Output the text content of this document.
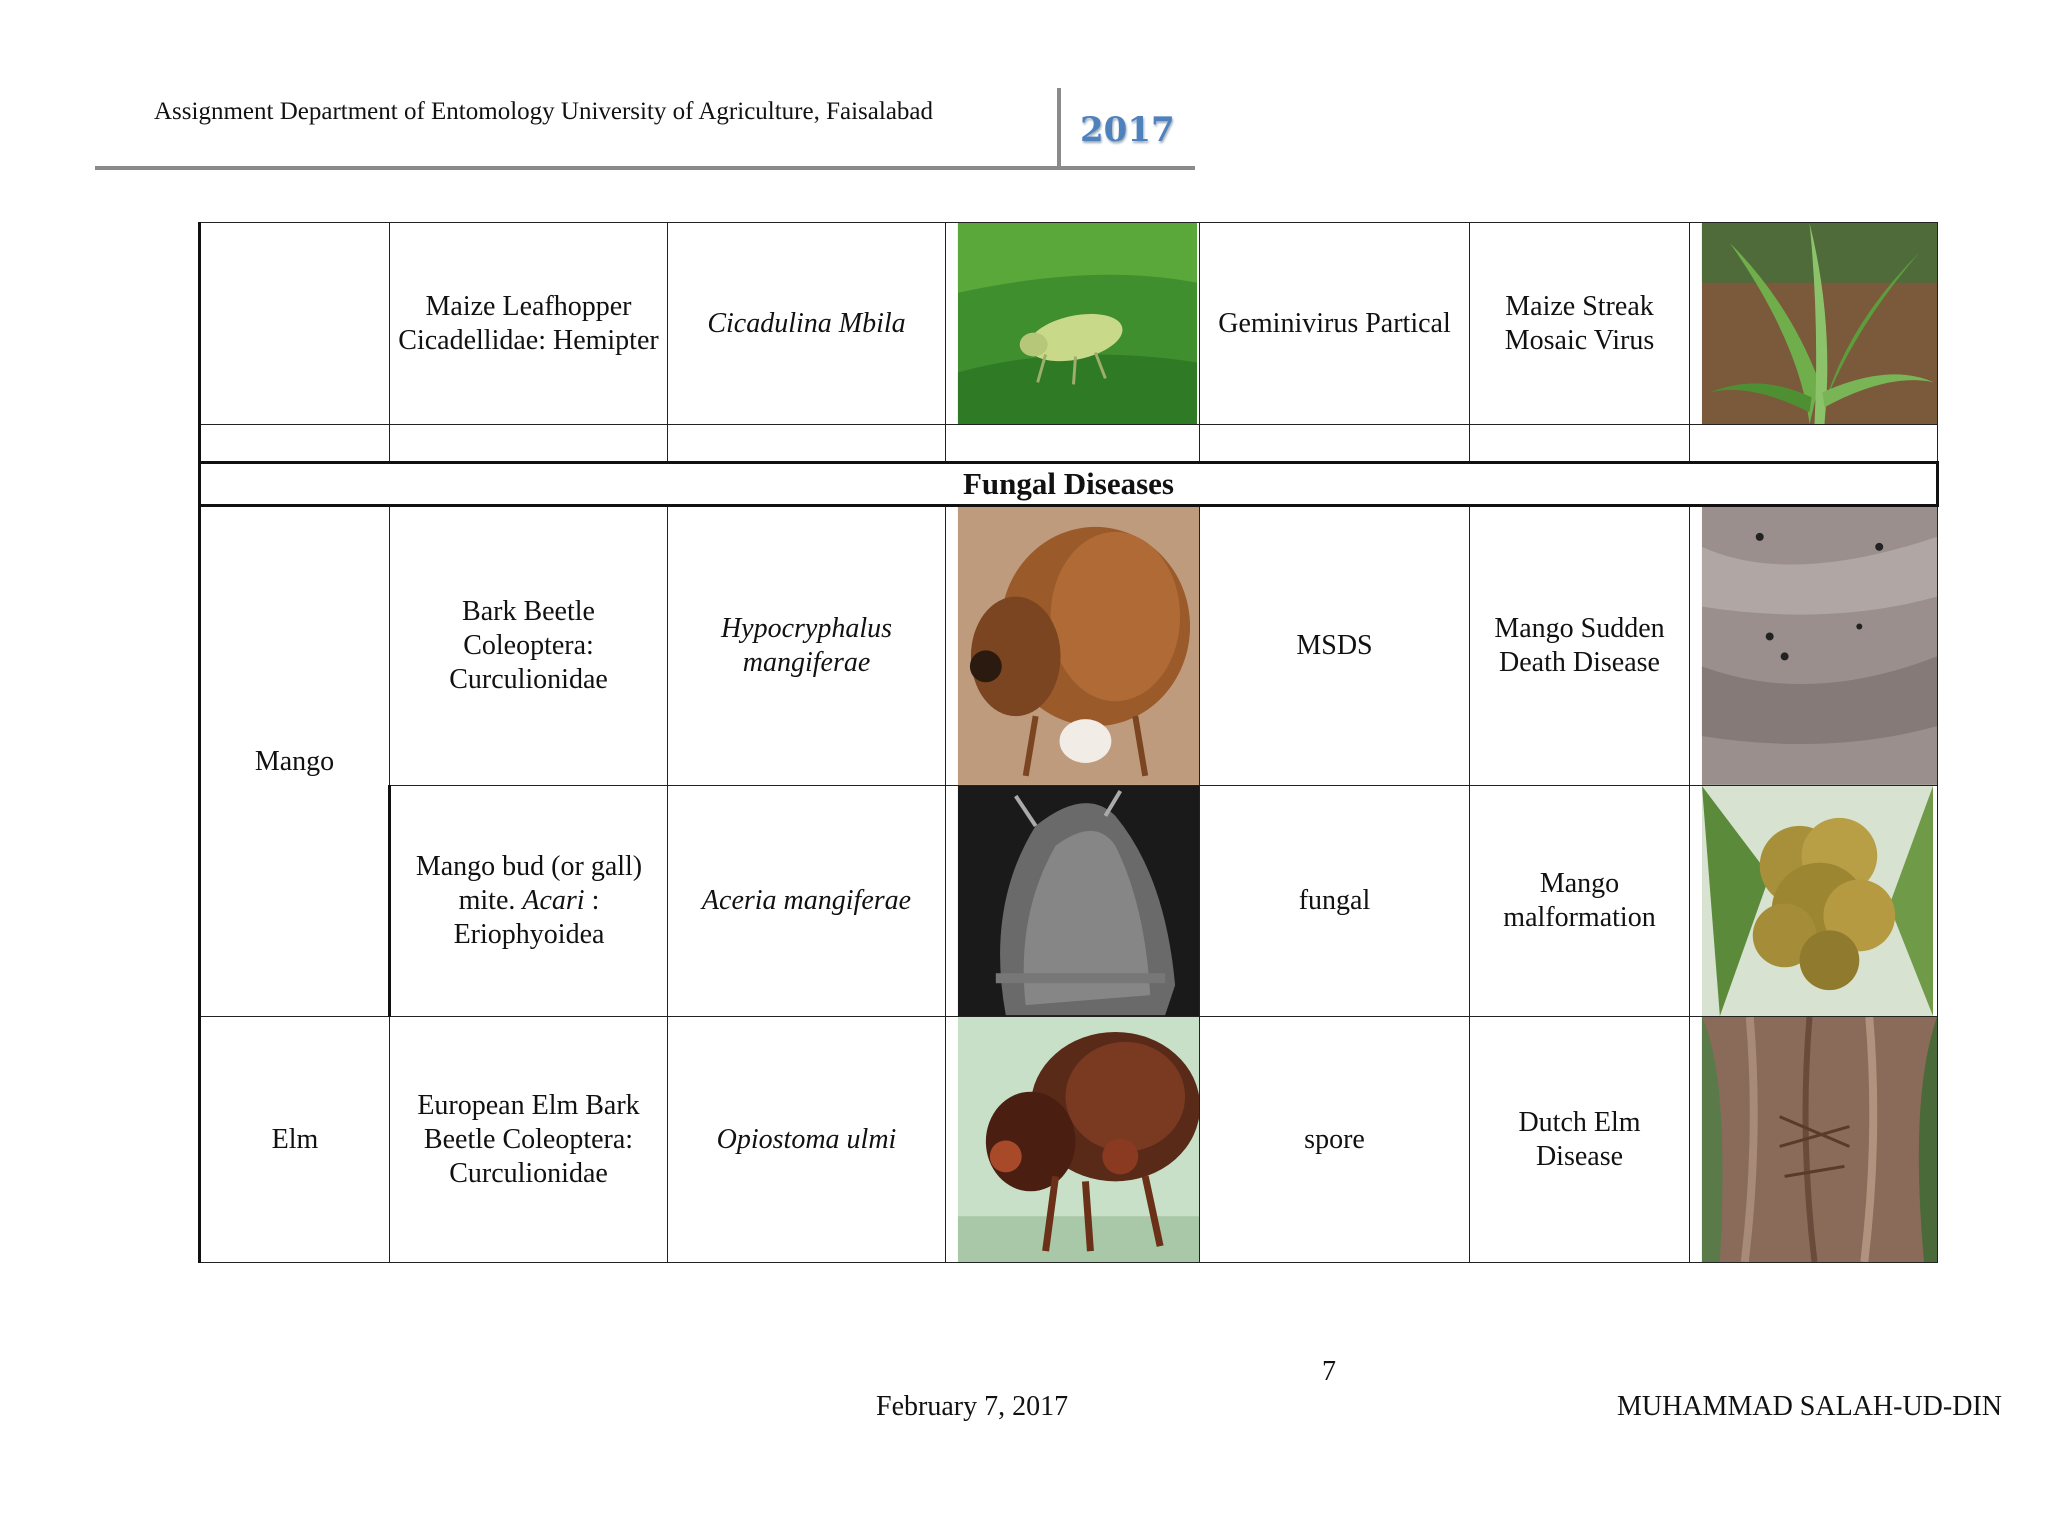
Assignment Department of Entomology University of Agriculture, Faisalabad	2017
	Maize Leafhopper Cicadellidae: Hemipter	Cicadulina Mbila		Geminivirus Partical	Maize Streak Mosaic Virus	

Fungal Diseases						
Mango	Bark Beetle Coleoptera: Curculionidae	Hypocryphalus mangiferae		MSDS	Mango Sudden Death Disease	

	Mango bud (or gall) mite. Acari : Eriophyoidea	Aceria mangiferae		fungal	Mango malformation	

Elm	European Elm Bark Beetle Coleoptera: Curculionidae	Opiostoma ulmi		spore	Dutch Elm Disease	
7
February 7, 2017	MUHAMMAD SALAH-UD-DIN
